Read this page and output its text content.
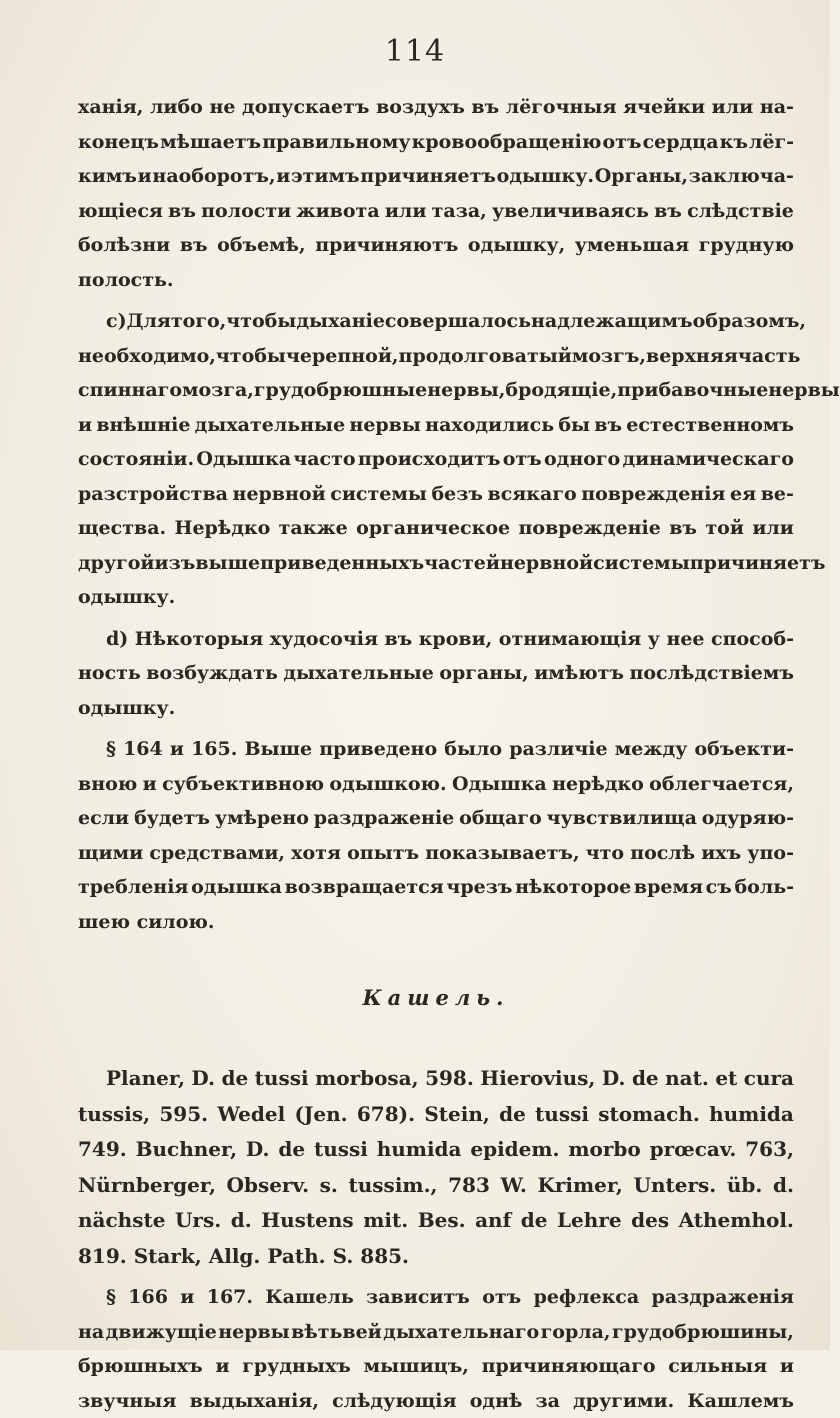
114
ханія, либо не допускаетъ воздухъ въ лёгочныя ячейки или на-
конецъ мѣшаетъ правильному кровообращенію отъ сердца къ лёг-
кимъ и наоборотъ, и этимъ причиняетъ одышку. Органы, заключа-
ющіеся въ полости живота или таза, увеличиваясь въ слѣдствіе
болѣзни въ объемѣ, причиняютъ одышку, уменьшая грудную
полость.
c) Для того, чтобы дыханіе совершалось надлежащимъ образомъ,
необходимо, чтобы черепной, продолговатый мозгъ, верхняя часть
спиннаго мозга, грудобрюшные нервы, бродящіе, прибавочные нервы
и внѣшніе дыхательные нервы находились бы въ естественномъ
состояніи. Одышка часто происходитъ отъ одного динамическаго
разстройства нервной системы безъ всякаго поврежденія ея ве-
щества. Нерѣдко также органическое поврежденіе въ той или
другой изъ вышеприведенныхъ частей нервной системы причиняетъ
одышку.
d) Нѣкоторыя худосочія въ крови, отнимающія у нее способ-
ность возбуждать дыхательные органы, имѣютъ послѣдствіемъ
одышку.
§ 164 и 165. Выше приведено было различіе между объекти-
вною и субъективною одышкою. Одышка нерѣдко облегчается,
если будетъ умѣрено раздраженіе общаго чувствилища одуряю-
щими средствами, хотя опытъ показываетъ, что послѣ ихъ упо-
требленія одышка возвращается чрезъ нѣкоторое время съ боль-
шею силою.
Кашель.
Planer, D. de tussi morbosa, 598. Hierovius, D. de nat. et cura
tussis, 595. Wedel (Jen. 678). Stein, de tussi stomach. humida
749. Buchner, D. de tussi humida epidem. morbo prœcav. 763,
Nürnberger, Observ. s. tussim., 783 W. Krimer, Unters. üb. d.
nächste Urs. d. Hustens mit. Bes. anf de Lehre des Athemhol.
819. Stark, Allg. Path. S. 885.
§ 166 и 167. Кашель зависитъ отъ рефлекса раздраженія
на движущіе нервы вѣтьвей дыхательнаго горла, грудобрюшины,
брюшныхъ и грудныхъ мышицъ, причиняющаго сильныя и
звучныя выдыханія, слѣдующія однѣ за другими. Кашлемъ
